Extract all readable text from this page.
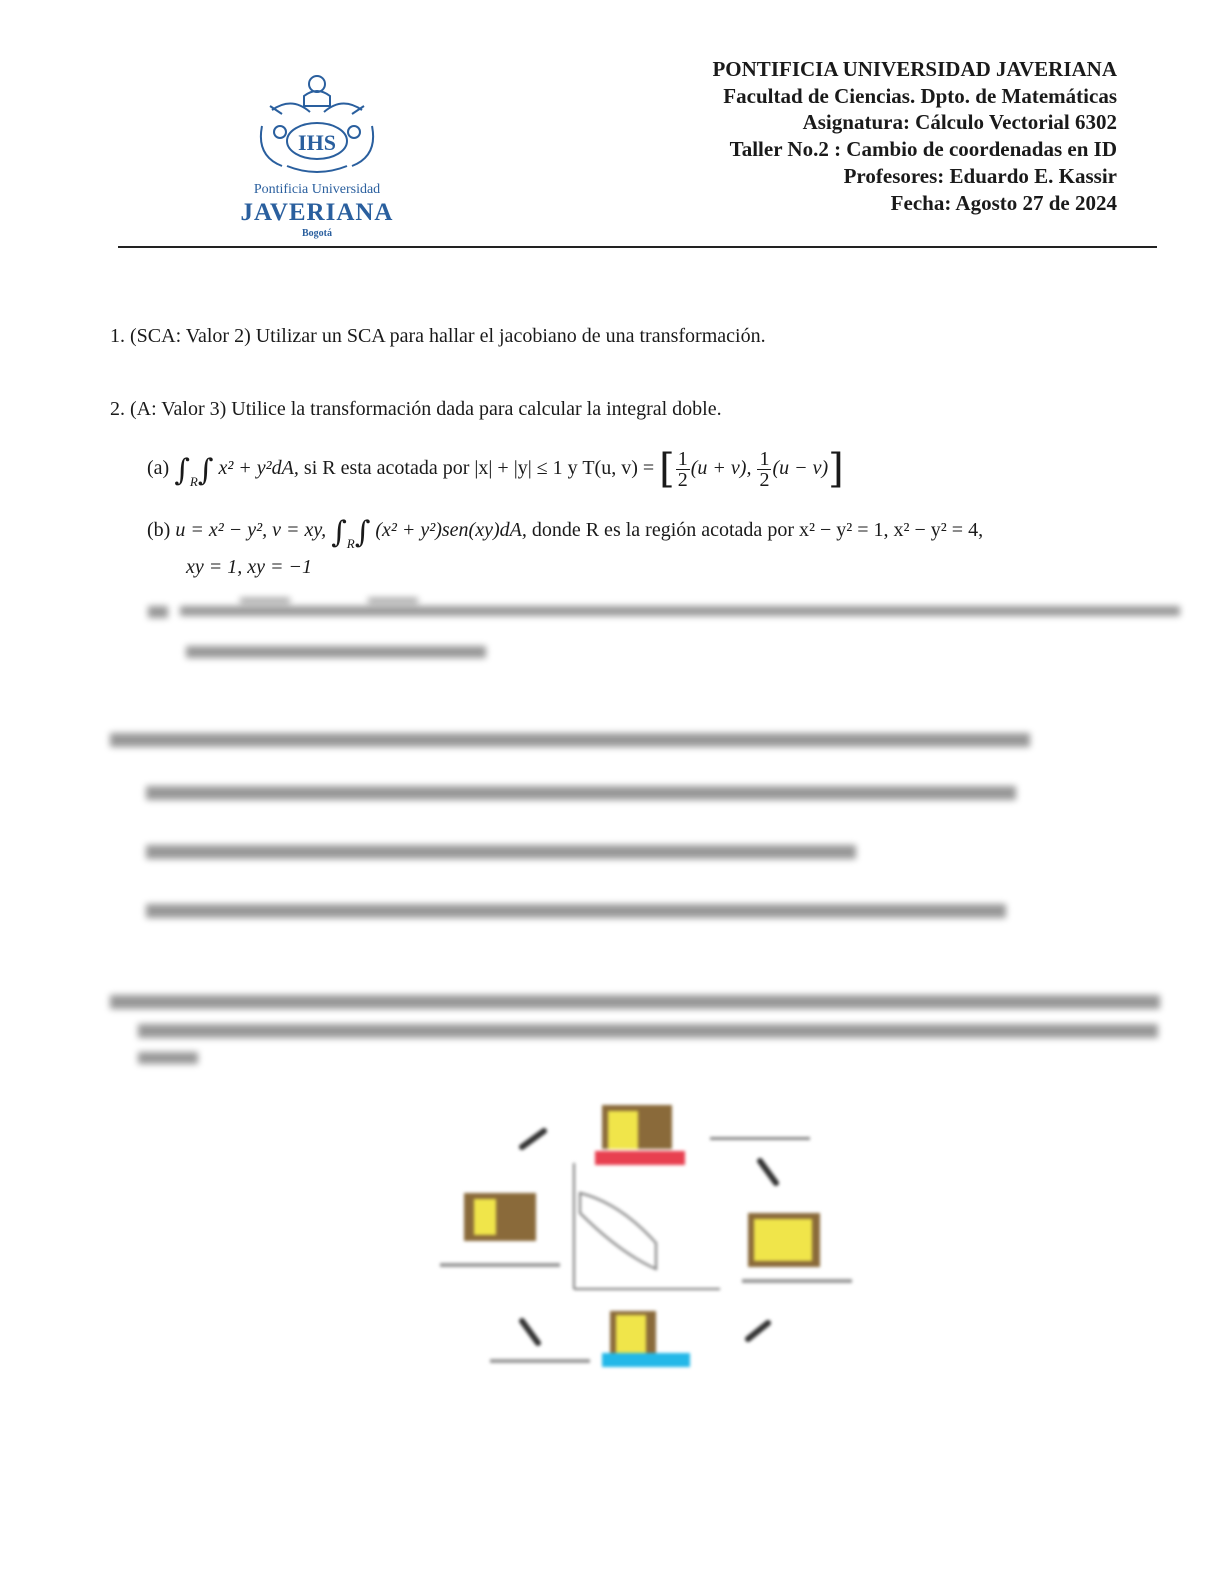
IHS
Pontificia Universidad
JAVERIANA
Bogotá
PONTIFICIA UNIVERSIDAD JAVERIANA
Facultad de Ciencias. Dpto. de Matemáticas
Asignatura: Cálculo Vectorial 6302
Taller No.2 : Cambio de coordenadas en ID
Profesores: Eduardo E. Kassir
Fecha: Agosto 27 de 2024
1. (SCA: Valor 2) Utilizar un SCA para hallar el jacobiano de una transformación.
2. (A: Valor 3) Utilice la transformación dada para calcular la integral doble.
(a) $\int_R\int$ x² + y²dA, si R esta acotada por |x| + |y| ≤ 1 y T(u, v) = [ $\frac{1}{2} (u + v)$, $\frac{1}{2} (u - v)$]
(b) u = x² − y², v = xy, $\int_R\int$ (x² + y²)sen(xy)dA, donde R es la región acotada por x² − y² = 1, x² − y² = 4,
xy = 1, xy = −1
